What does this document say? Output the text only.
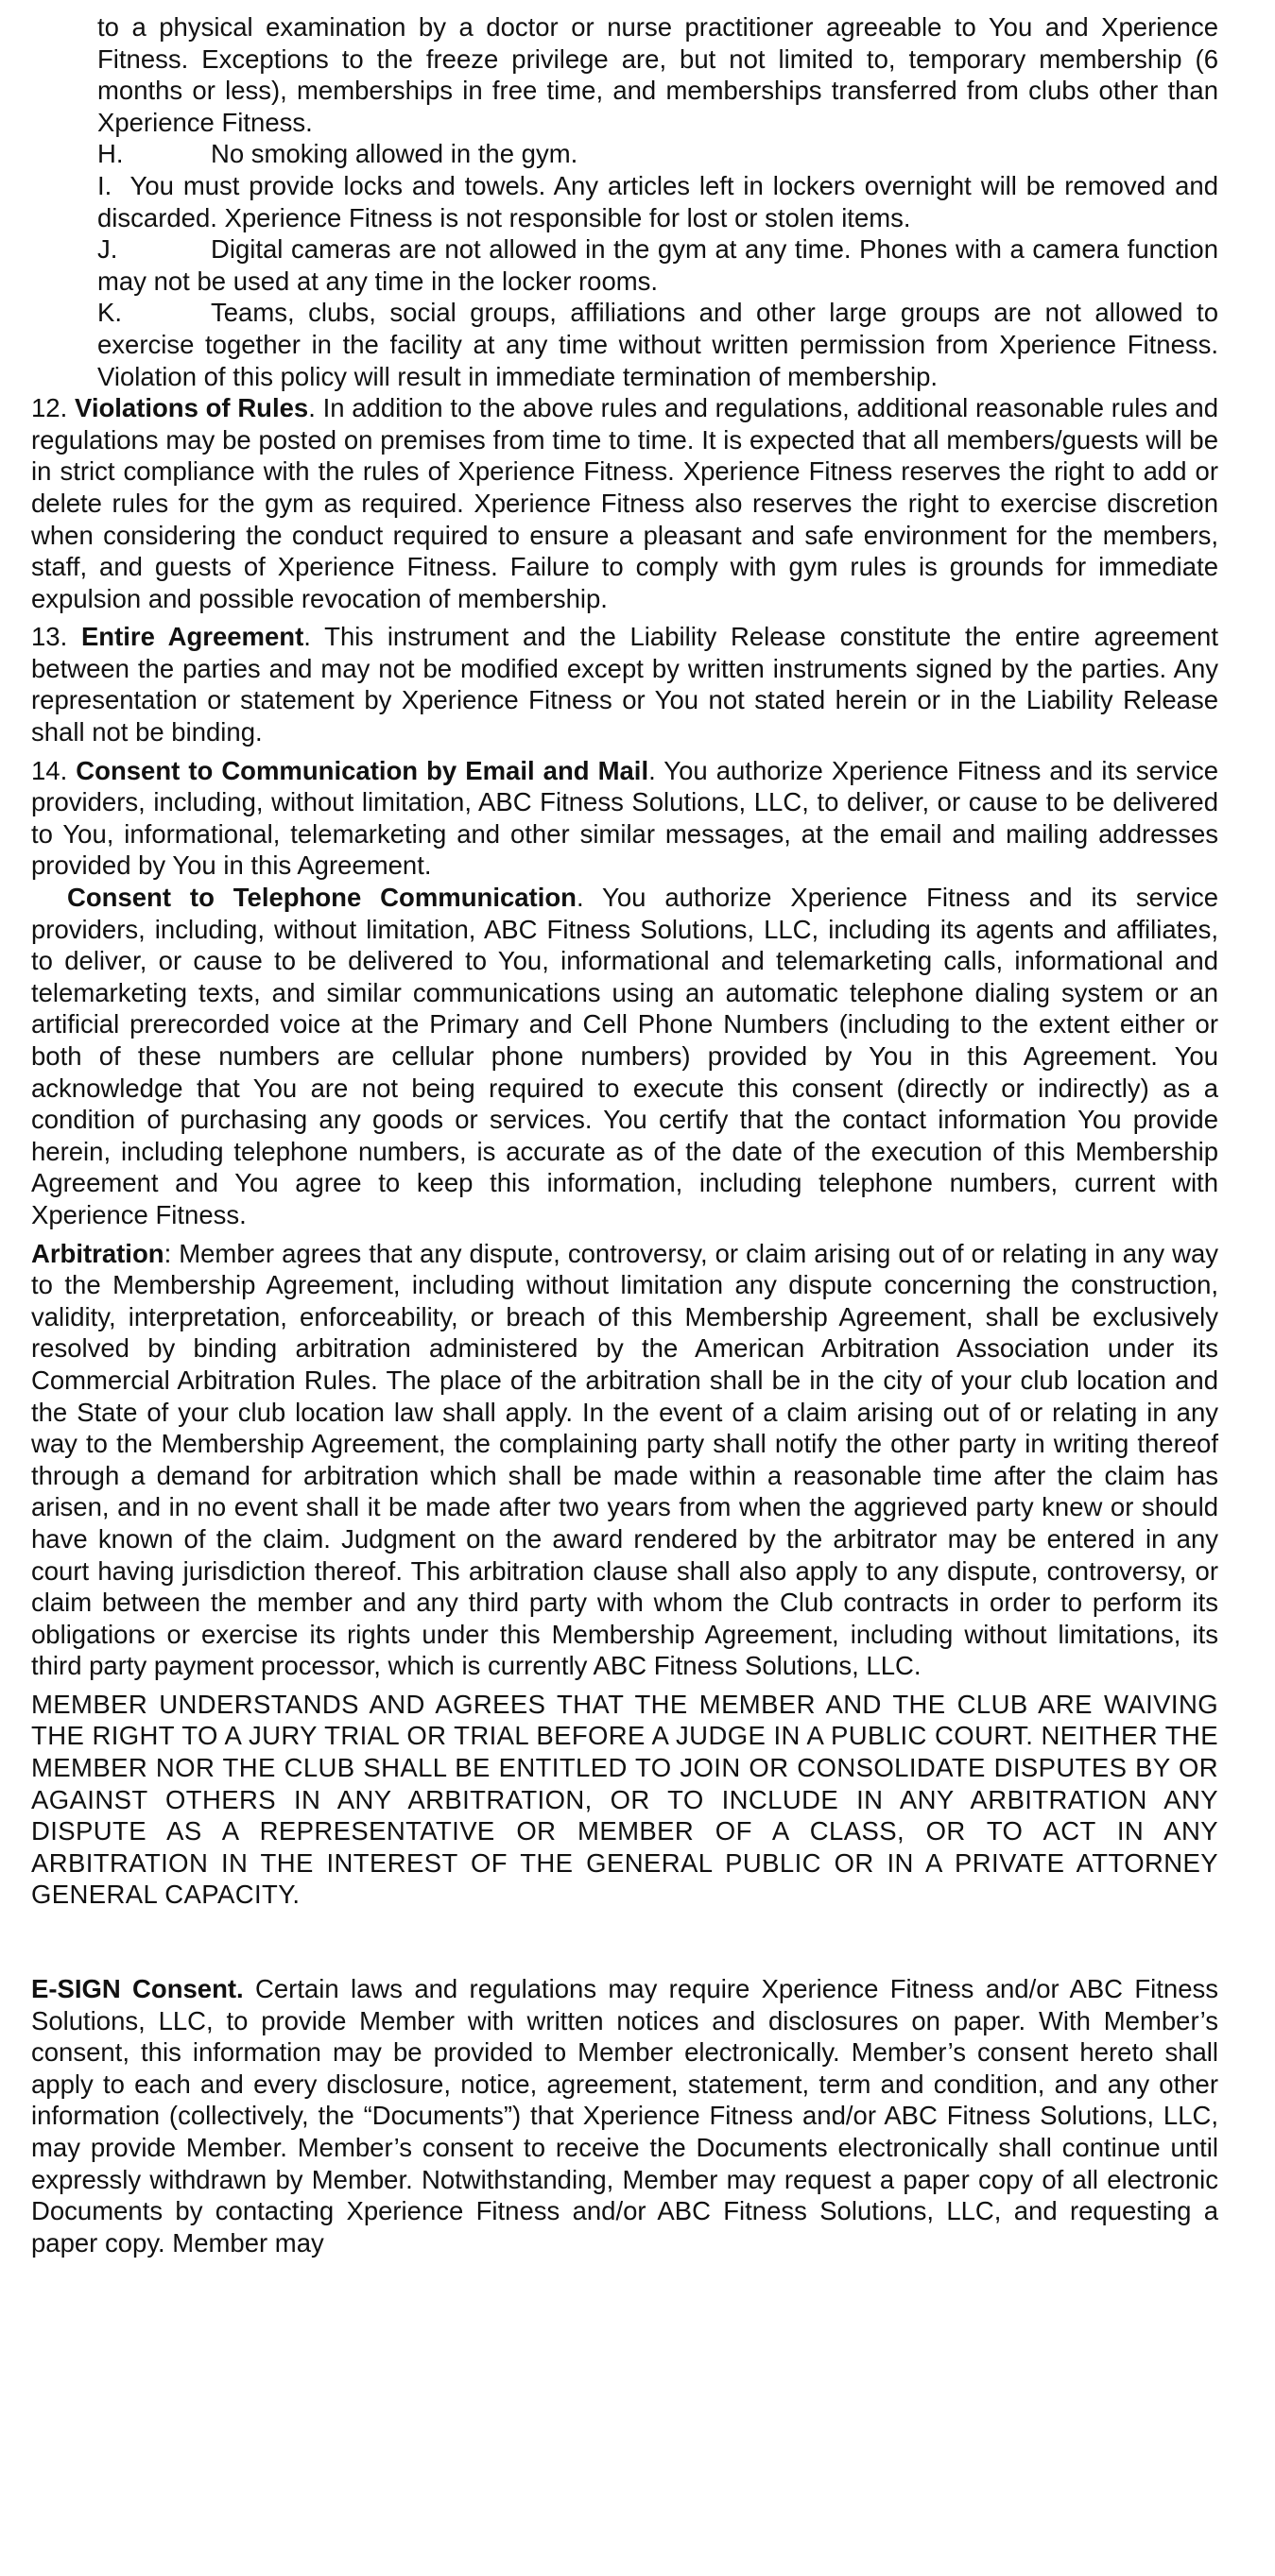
to a physical examination by a doctor or nurse practitioner agreeable to You and Xperience Fitness. Exceptions to the freeze privilege are, but not limited to, temporary membership (6 months or less), memberships in free time, and memberships transferred from clubs other than Xperience Fitness.

H.	No smoking allowed in the gym.

I. You must provide locks and towels. Any articles left in lockers overnight will be removed and discarded. Xperience Fitness is not responsible for lost or stolen items.

J.	Digital cameras are not allowed in the gym at any time. Phones with a camera function may not be used at any time in the locker rooms.

K.	Teams, clubs, social groups, affiliations and other large groups are not allowed to exercise together in the facility at any time without written permission from Xperience Fitness. Violation of this policy will result in immediate termination of membership.

12. Violations of Rules. In addition to the above rules and regulations, additional reasonable rules and regulations may be posted on premises from time to time. It is expected that all members/guests will be in strict compliance with the rules of Xperience Fitness. Xperience Fitness reserves the right to add or delete rules for the gym as required. Xperience Fitness also reserves the right to exercise discretion when considering the conduct required to ensure a pleasant and safe environment for the members, staff, and guests of Xperience Fitness. Failure to comply with gym rules is grounds for immediate expulsion and possible revocation of membership.

13. Entire Agreement. This instrument and the Liability Release constitute the entire agreement between the parties and may not be modified except by written instruments signed by the parties. Any representation or statement by Xperience Fitness or You not stated herein or in the Liability Release shall not be binding.

14. Consent to Communication by Email and Mail. You authorize Xperience Fitness and its service providers, including, without limitation, ABC Fitness Solutions, LLC, to deliver, or cause to be delivered to You, informational, telemarketing and other similar messages, at the email and mailing addresses provided by You in this Agreement.

Consent to Telephone Communication. You authorize Xperience Fitness and its service providers, including, without limitation, ABC Fitness Solutions, LLC, including its agents and affiliates, to deliver, or cause to be delivered to You, informational and telemarketing calls, informational and telemarketing texts, and similar communications using an automatic telephone dialing system or an artificial prerecorded voice at the Primary and Cell Phone Numbers (including to the extent either or both of these numbers are cellular phone numbers) provided by You in this Agreement. You acknowledge that You are not being required to execute this consent (directly or indirectly) as a condition of purchasing any goods or services. You certify that the contact information You provide herein, including telephone numbers, is accurate as of the date of the execution of this Membership Agreement and You agree to keep this information, including telephone numbers, current with Xperience Fitness.

Arbitration: Member agrees that any dispute, controversy, or claim arising out of or relating in any way to the Membership Agreement, including without limitation any dispute concerning the construction, validity, interpretation, enforceability, or breach of this Membership Agreement, shall be exclusively resolved by binding arbitration administered by the American Arbitration Association under its Commercial Arbitration Rules. The place of the arbitration shall be in the city of your club location and the State of your club location law shall apply. In the event of a claim arising out of or relating in any way to the Membership Agreement, the complaining party shall notify the other party in writing thereof through a demand for arbitration which shall be made within a reasonable time after the claim has arisen, and in no event shall it be made after two years from when the aggrieved party knew or should have known of the claim. Judgment on the award rendered by the arbitrator may be entered in any court having jurisdiction thereof. This arbitration clause shall also apply to any dispute, controversy, or claim between the member and any third party with whom the Club contracts in order to perform its obligations or exercise its rights under this Membership Agreement, including without limitations, its third party payment processor, which is currently ABC Fitness Solutions, LLC.

MEMBER UNDERSTANDS AND AGREES THAT THE MEMBER AND THE CLUB ARE WAIVING THE RIGHT TO A JURY TRIAL OR TRIAL BEFORE A JUDGE IN A PUBLIC COURT. NEITHER THE MEMBER NOR THE CLUB SHALL BE ENTITLED TO JOIN OR CONSOLIDATE DISPUTES BY OR AGAINST OTHERS IN ANY ARBITRATION, OR TO INCLUDE IN ANY ARBITRATION ANY DISPUTE AS A REPRESENTATIVE OR MEMBER OF A CLASS, OR TO ACT IN ANY ARBITRATION IN THE INTEREST OF THE GENERAL PUBLIC OR IN A PRIVATE ATTORNEY GENERAL CAPACITY.

E-SIGN Consent. Certain laws and regulations may require Xperience Fitness and/or ABC Fitness Solutions, LLC, to provide Member with written notices and disclosures on paper. With Member’s consent, this information may be provided to Member electronically. Member’s consent hereto shall apply to each and every disclosure, notice, agreement, statement, term and condition, and any other information (collectively, the “Documents”) that Xperience Fitness and/or ABC Fitness Solutions, LLC, may provide Member. Member’s consent to receive the Documents electronically shall continue until expressly withdrawn by Member. Notwithstanding, Member may request a paper copy of all electronic Documents by contacting Xperience Fitness and/or ABC Fitness Solutions, LLC, and requesting a paper copy. Member may
